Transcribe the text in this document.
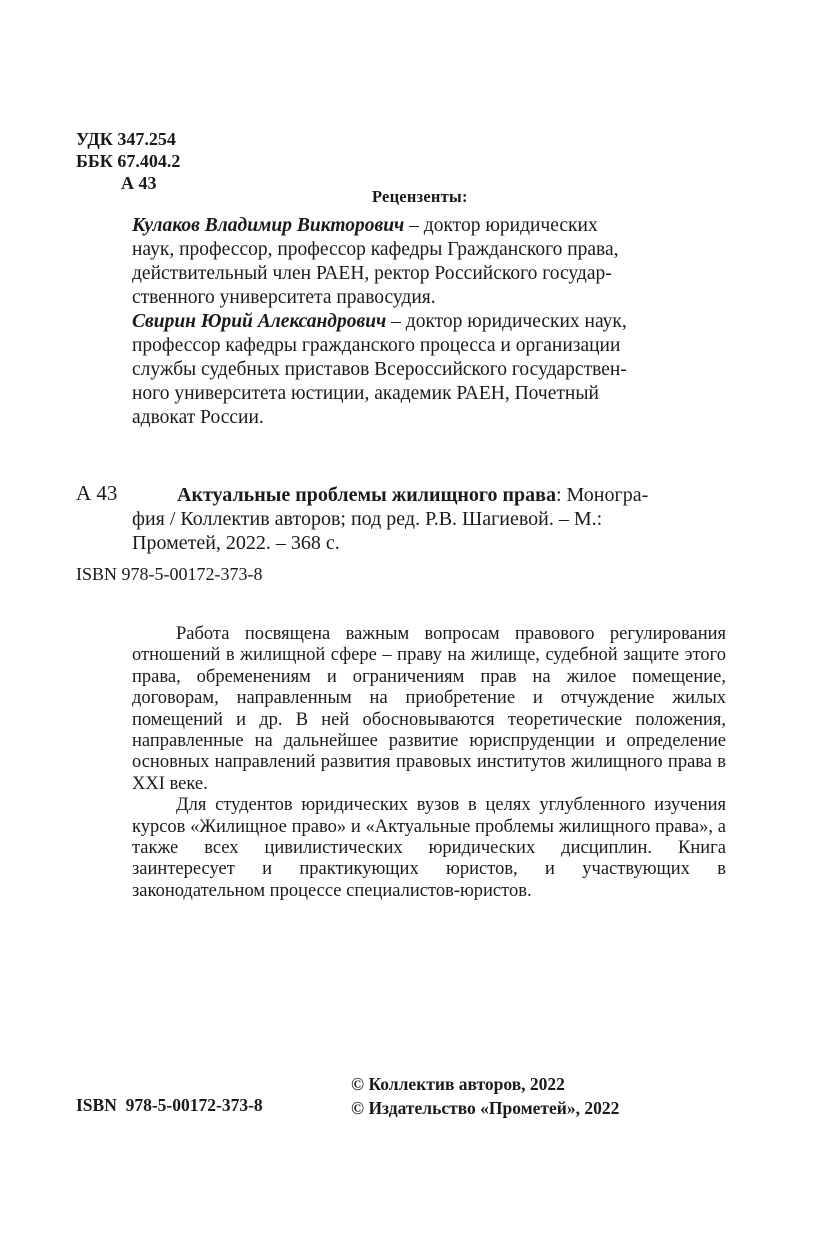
УДК 347.254
ББК 67.404.2
А 43
Рецензенты:

Кулаков Владимир Викторович – доктор юридических
наук, профессор, профессор кафедры Гражданского права,
действительный член РАЕН, ректор Российского государ-
ственного университета правосудия.

Свирин Юрий Александрович – доктор юридических наук,
профессор кафедры гражданского процесса и организации
службы судебных приставов Всероссийского государствен-
ного университета юстиции, академик РАЕН, Почетный
адвокат России.

А 43	Актуальные проблемы жилищного права: Моногра-
фия / Коллектив авторов; под ред. Р.В. Шагиевой. – М.:
Прометей, 2022. – 368 с.
ISBN 978-5-00172-373-8

Работа посвящена важным вопросам правового регулирования отношений в жилищной сфере – праву на жилище, судебной защите этого права, обременениям и ограничениям прав на жилое помещение, договорам, направленным на приобретение и отчуждение жилых помещений и др. В ней обосновываются теоретические положения, направленные на дальнейшее развитие юриспруденции и определение основных направлений развития правовых институтов жилищного права в XXI веке.

Для студентов юридических вузов в целях углубленного изучения курсов «Жилищное право» и «Актуальные проблемы жилищного права», а также всех цивилистических юридических дисциплин. Книга заинтересует и практикующих юристов, и участвующих в законодательном процессе специалистов-юристов.

© Коллектив авторов, 2022
© Издательство «Прометей», 2022
ISBN  978-5-00172-373-8
